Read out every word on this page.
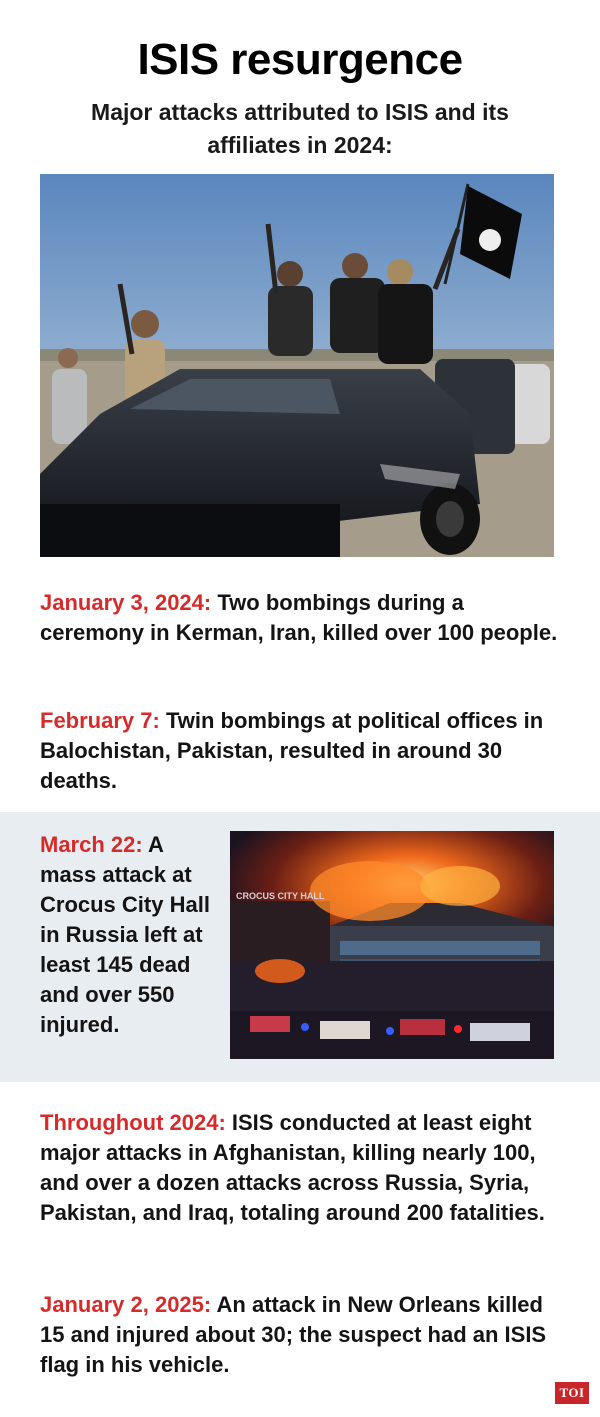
ISIS resurgence
Major attacks attributed to ISIS and its affiliates in 2024:
January 3, 2024: Two bombings during a ceremony in Kerman, Iran, killed over 100 people.
February 7: Twin bombings at political offices in Balochistan, Pakistan, resulted in around 30 deaths.
March 22: A mass attack at Crocus City Hall in Russia left at least 145 dead and over 550 injured.
CROCUS CITY HALL
Throughout 2024: ISIS conducted at least eight major attacks in Afghanistan, killing nearly 100, and over a dozen attacks across Russia, Syria, Pakistan, and Iraq, totaling around 200 fatalities.
January 2, 2025: An attack in New Orleans killed 15 and injured about 30; the suspect had an ISIS flag in his vehicle.
TOI
